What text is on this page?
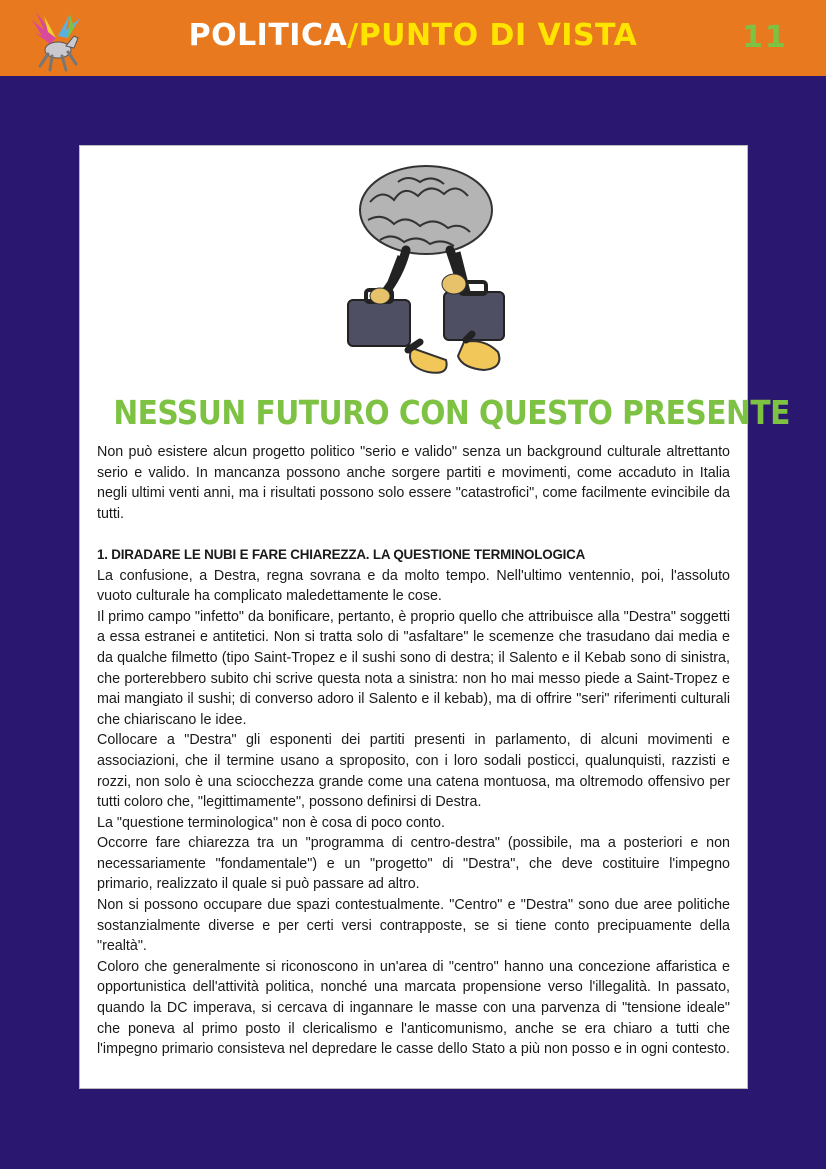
POLITICA/PUNTO DI VISTA	11
NESSUN FUTURO CON QUESTO PRESENTE

Non può esistere alcun progetto politico "serio e valido" senza un background culturale altrettanto serio e valido. In mancanza possono anche sorgere partiti e movimenti, come accaduto in Italia negli ultimi venti anni, ma i risultati possono solo essere "catastrofici", come facilmente evincibile da tutti.

1. DIRADARE LE NUBI E FARE CHIAREZZA. LA QUESTIONE TERMINOLOGICA

La confusione, a Destra, regna sovrana e da molto tempo. Nell'ultimo ventennio, poi, l'assoluto vuoto culturale ha complicato maledettamente le cose.

Il primo campo "infetto" da bonificare, pertanto, è proprio quello che attribuisce alla "Destra" soggetti a essa estranei e antitetici. Non si tratta solo di "asfaltare" le scemenze che trasudano dai media e da qualche filmetto (tipo Saint-Tropez e il sushi sono di destra; il Salento e il Kebab sono di sinistra, che porterebbero subito chi scrive questa nota a sinistra: non ho mai messo piede a Saint-Tropez e mai mangiato il sushi; di converso adoro il Salento e il kebab), ma di offrire "seri" riferimenti culturali che chiariscano le idee.

Collocare a "Destra" gli esponenti dei partiti presenti in parlamento, di alcuni movimenti e associazioni, che il termine usano a sproposito, con i loro sodali posticci, qualunquisti, razzisti e rozzi, non solo è una sciocchezza grande come una catena montuosa, ma oltremodo offensivo per tutti coloro che, "legittimamente", possono definirsi di Destra.

La "questione terminologica" non è cosa di poco conto.

Occorre fare chiarezza tra un "programma di centro-destra" (possibile, ma a posteriori e non necessariamente "fondamentale") e un "progetto" di "Destra", che deve costituire l'impegno primario, realizzato il quale si può passare ad altro.

Non si possono occupare due spazi contestualmente. "Centro" e "Destra" sono due aree politiche sostanzialmente diverse e per certi versi contrapposte, se si tiene conto precipuamente della "realtà".

Coloro che generalmente si riconoscono in un'area di "centro" hanno una concezione affaristica e opportunistica dell'attività politica, nonché una marcata propensione verso l'illegalità. In passato, quando la DC imperava, si cercava di ingannare le masse con una parvenza di "tensione ideale" che poneva al primo posto il clericalismo e l'anticomunismo, anche se era chiaro a tutti che l'impegno primario consisteva nel depredare le casse dello Stato a più non posso e in ogni contesto.
